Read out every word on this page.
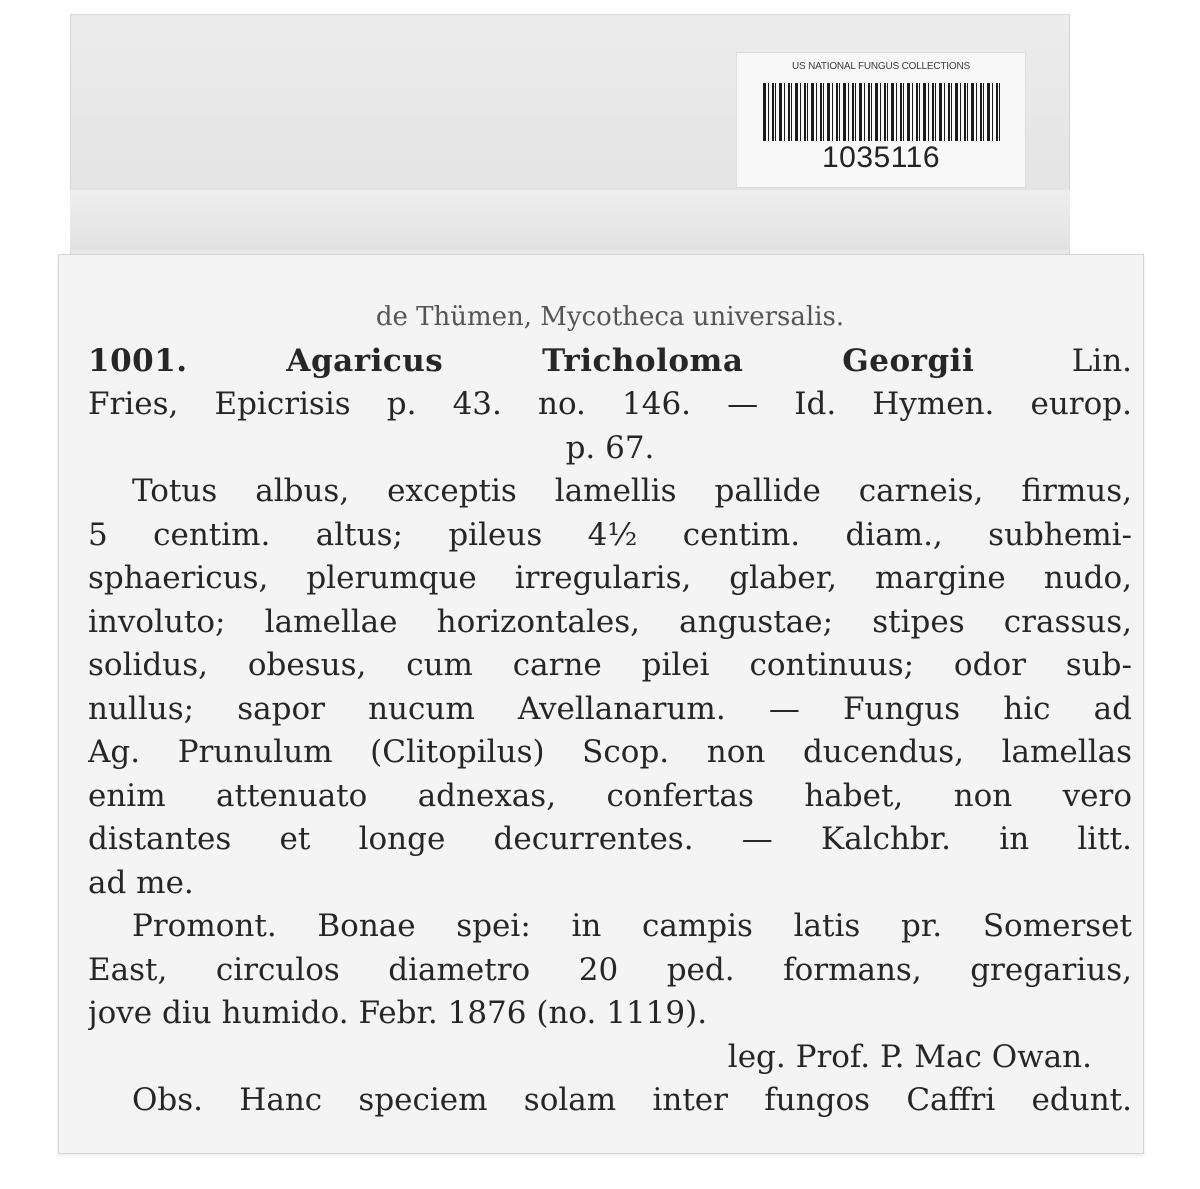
US NATIONAL FUNGUS COLLECTIONS
1035116
de Thümen, Mycotheca universalis.
1001. Agaricus Tricholoma Georgii	Lin.
Fries, Epicrisis p. 43. no. 146. — Id. Hymen. europ.
p. 67.
Totus albus, exceptis lamellis pallide carneis, firmus,
5 centim. altus; pileus 4½ centim. diam., subhemi-
sphaericus, plerumque irregularis, glaber, margine nudo,
involuto; lamellae horizontales, angustae; stipes crassus,
solidus, obesus, cum carne pilei continuus; odor sub-
nullus; sapor nucum Avellanarum. — Fungus hic ad
Ag. Prunulum (Clitopilus) Scop. non ducendus, lamellas
enim attenuato adnexas, confertas habet, non vero
distantes et longe decurrentes. — Kalchbr. in litt.
ad me.
Promont. Bonae spei: in campis latis pr. Somerset
East, circulos diametro 20 ped. formans, gregarius,
jove diu humido. Febr. 1876 (no. 1119).
leg. Prof. P. Mac Owan.
Obs. Hanc speciem solam inter fungos Caffri edunt.
